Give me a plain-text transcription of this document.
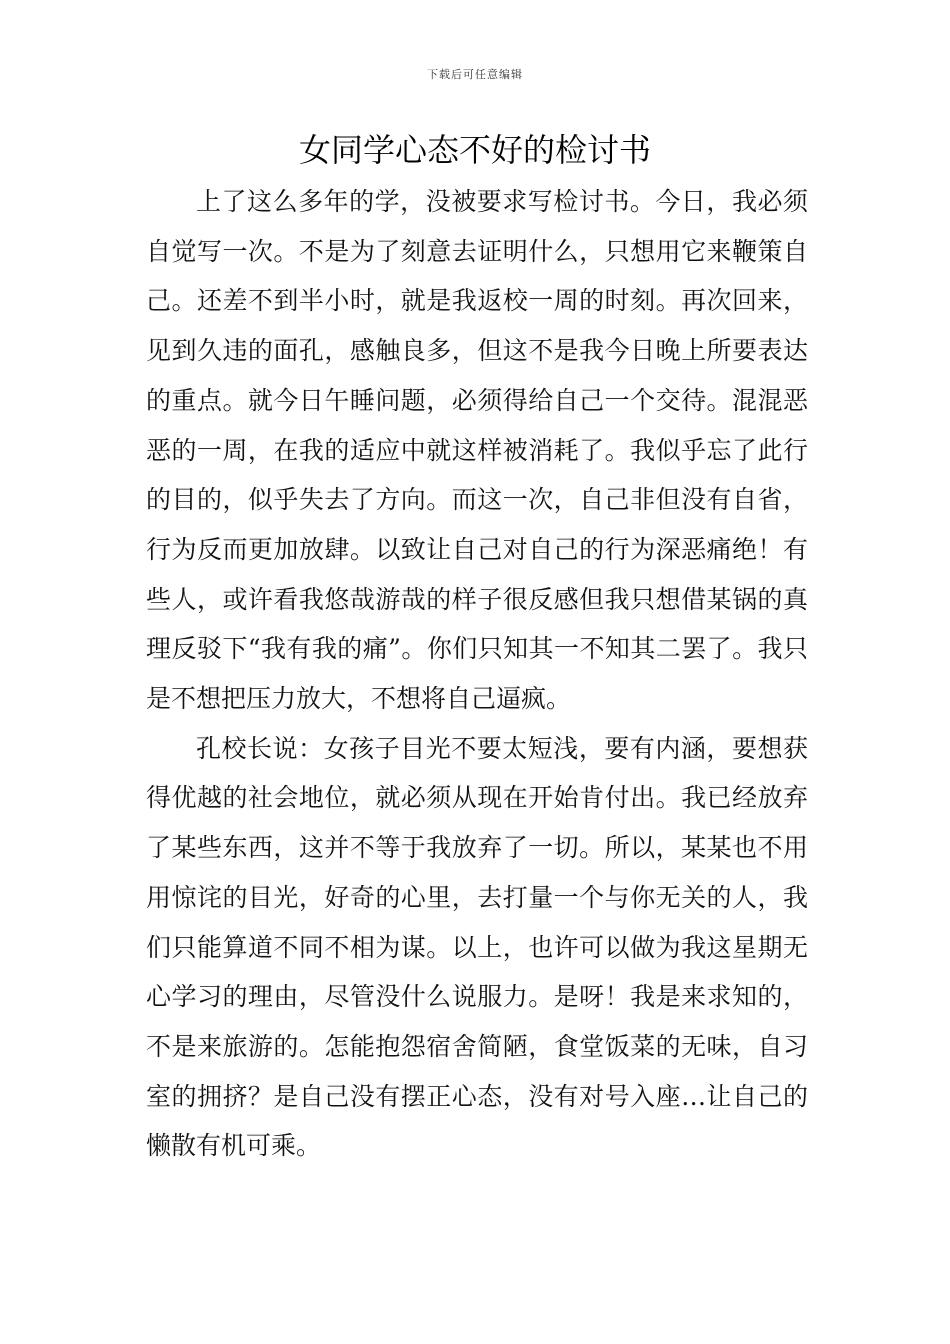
下载后可任意编辑
女同学心态不好的检讨书

上了这么多年的学，没被要求写检讨书。今日，我必须自觉写一次。不是为了刻意去证明什么，只想用它来鞭策自己。还差不到半小时，就是我返校一周的时刻。再次回来，见到久违的面孔，感触良多，但这不是我今日晚上所要表达的重点。就今日午睡问题，必须得给自己一个交待。混混恶恶的一周，在我的适应中就这样被消耗了。我似乎忘了此行的目的，似乎失去了方向。而这一次，自己非但没有自省，行为反而更加放肆。以致让自己对自己的行为深恶痛绝！有些人，或许看我悠哉游哉的样子很反感但我只想借某锅的真理反驳下“我有我的痛”。你们只知其一不知其二罢了。我只是不想把压力放大，不想将自己逼疯。

孔校长说：女孩子目光不要太短浅，要有内涵，要想获得优越的社会地位，就必须从现在开始肯付出。我已经放弃了某些东西，这并不等于我放弃了一切。所以，某某也不用用惊诧的目光，好奇的心里，去打量一个与你无关的人，我们只能算道不同不相为谋。以上，也许可以做为我这星期无心学习的理由，尽管没什么说服力。是呀！我是来求知的，不是来旅游的。怎能抱怨宿舍简陋，食堂饭菜的无味，自习室的拥挤？是自己没有摆正心态，没有对号入座…让自己的懒散有机可乘。
